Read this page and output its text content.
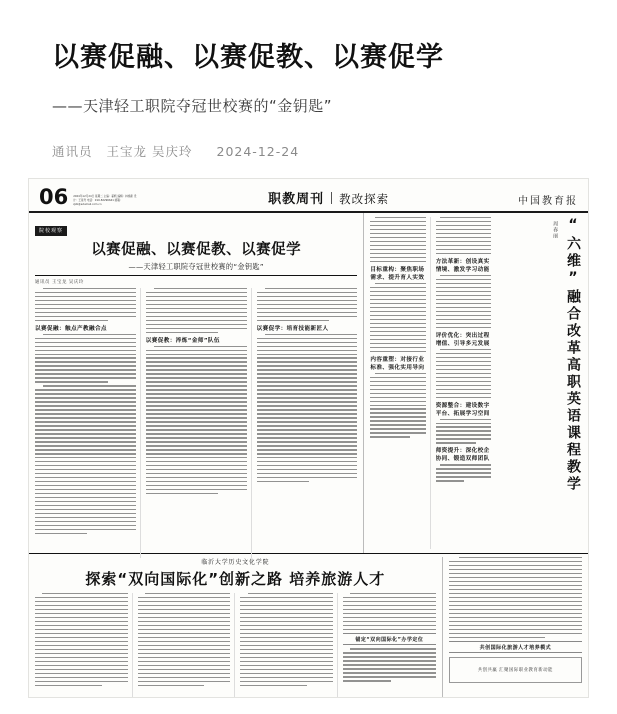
以赛促融、以赛促教、以赛促学
——天津轻工职院夺冠世校赛的“金钥匙”
通讯员 王宝龙 吴庆玲 2024-12-24
06 2024年12月24日 星期二 主编：翟帆 编辑：林焕新 设计：王星舟 电话：010-82296641 邮箱：zjzk@edumail.com.cn	职教周刊 教改探索	中国教育报
院校观察
以赛促融、以赛促教、以赛促学
——天津轻工职院夺冠世校赛的“金钥匙”
通讯员 王宝龙 吴庆玲
以赛促融：触点产教融合点
以赛促教：淬炼“金师”队伍
以赛促学：培育技能新匠人	“六维”融合改革高职英语课程教学
周春丽
目标重构：聚焦职场需求、提升育人实效
内容重塑：对接行业标准、强化实用导向
方法革新：创设真实情境、激发学习动能
评价优化：突出过程增值、引导多元发展
资源整合：建设数字平台、拓展学习空间
师资提升：深化校企协同、锻造双师团队
临沂大学历史文化学院
探索“双向国际化”创新之路 培养旅游人才
锚定“双向国际化”办学定位
共创国际化旅游人才培养模式
共创共赢 汇聚国际职业教育新动能
